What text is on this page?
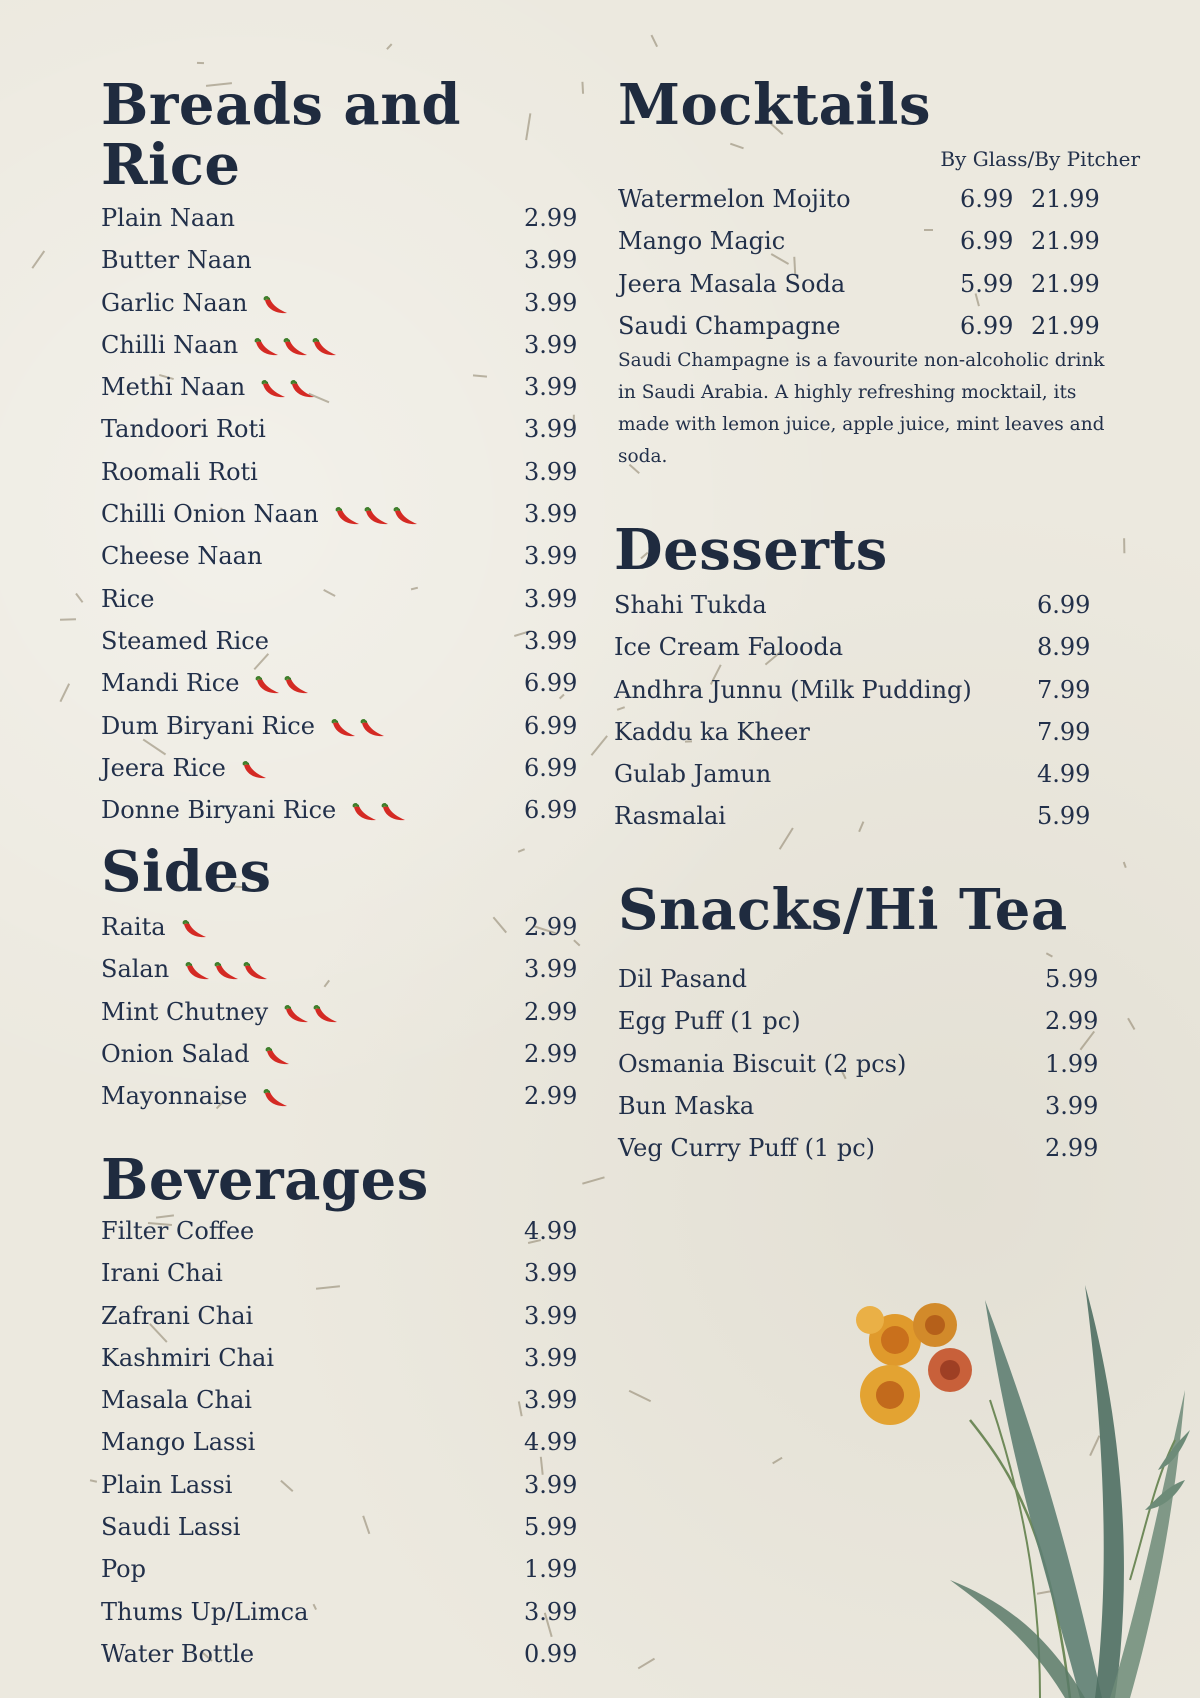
Breads and Rice
Plain Naan	2.99
Butter Naan	3.99
Garlic Naan	3.99
Chilli Naan	3.99
Methi Naan	3.99
Tandoori Roti	3.99
Roomali Roti	3.99
Chilli Onion Naan	3.99
Cheese Naan	3.99
Rice	3.99
Steamed Rice	3.99
Mandi Rice	6.99
Dum Biryani Rice	6.99
Jeera Rice	6.99
Donne Biryani Rice	6.99
Sides
Raita	2.99
Salan	3.99
Mint Chutney	2.99
Onion Salad	2.99
Mayonnaise	2.99
Beverages
Filter Coffee	4.99
Irani Chai	3.99
Zafrani Chai	3.99
Kashmiri Chai	3.99
Masala Chai	3.99
Mango Lassi	4.99
Plain Lassi	3.99
Saudi Lassi	5.99
Pop	1.99
Thums Up/Limca	3.99
Water Bottle	0.99
Mocktails
By Glass/By Pitcher
Watermelon Mojito	6.99 21.99
Mango Magic	6.99 21.99
Jeera Masala Soda	5.99 21.99
Saudi Champagne	6.99 21.99
Saudi Champagne is a favourite non-alcoholic drink in Saudi Arabia. A highly refreshing mocktail, its made with lemon juice, apple juice, mint leaves and soda.
Desserts
Shahi Tukda	6.99
Ice Cream Falooda	8.99
Andhra Junnu (Milk Pudding)	7.99
Kaddu ka Kheer	7.99
Gulab Jamun	4.99
Rasmalai	5.99
Snacks/Hi Tea
Dil Pasand	5.99
Egg Puff (1 pc)	2.99
Osmania Biscuit (2 pcs)	1.99
Bun Maska	3.99
Veg Curry Puff (1 pc)	2.99
